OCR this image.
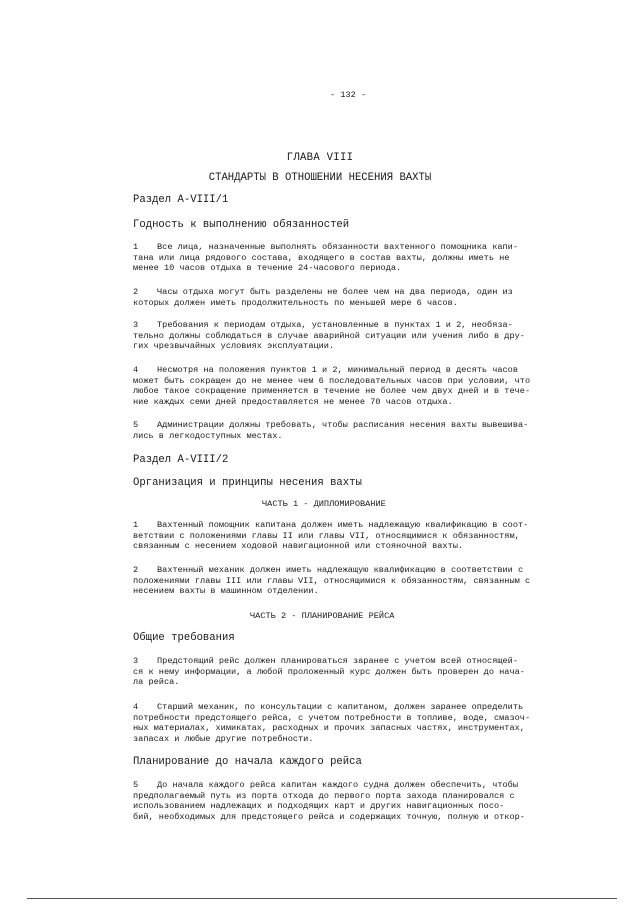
- 132 -
ГЛАВА VIII
СТАНДАРТЫ В ОТНОШЕНИИ НЕСЕНИЯ ВАХТЫ
Раздел A-VIII/1
Годность к выполнению обязанностей
1 Все лица, назначенные выполнять обязанности вахтенного помощника капи-
тана или лица рядового состава, входящего в состав вахты, должны иметь не
менее 10 часов отдыха в течение 24-часового периода.
2 Часы отдыха могут быть разделены не более чем на два периода, один из
которых должен иметь продолжительность по меньшей мере 6 часов.
3 Требования к периодам отдыха, установленные в пунктах 1 и 2, необяза-
тельно должны соблюдаться в случае аварийной ситуации или учения либо в дру-
гих чрезвычайных условиях эксплуатации.
4 Несмотря на положения пунктов 1 и 2, минимальный период в десять часов
может быть сокращен до не менее чем 6 последовательных часов при условии, что
любое такое сокращение применяется в течение не более чем двух дней и в тече-
ние каждых семи дней предоставляется не менее 70 часов отдыха.
5 Администрации должны требовать, чтобы расписания несения вахты вывешива-
лись в легкодоступных местах.
Раздел A-VIII/2
Организация и принципы несения вахты
ЧАСТЬ 1 - ДИПЛОМИРОВАНИЕ
1 Вахтенный помощник капитана должен иметь надлежащую квалификацию в соот-
ветствии с положениями главы II или главы VII, относящимися к обязанностям,
связанным с несением ходовой навигационной или стояночной вахты.
2 Вахтенный механик должен иметь надлежащую квалификацию в соответствии с
положениями главы III или главы VII, относящимися к обязанностям, связанным с
несением вахты в машинном отделении.
ЧАСТЬ 2 - ПЛАНИРОВАНИЕ РЕЙСА
Общие требования
3 Предстоящий рейс должен планироваться заранее с учетом всей относящей-
ся к нему информации, а любой проложенный курс должен быть проверен до нача-
ла рейса.
4 Старший механик, по консультации с капитаном, должен заранее определить
потребности предстоящего рейса, с учетом потребности в топливе, воде, смазоч-
ных материалах, химикатах, расходных и прочих запасных частях, инструментах,
запасах и любые другие потребности.
Планирование до начала каждого рейса
5 До начала каждого рейса капитан каждого судна должен обеспечить, чтобы
предполагаемый путь из порта отхода до первого порта захода планировался с
использованием надлежащих и подходящих карт и других навигационных посо-
бий, необходимых для предстоящего рейса и содержащих точную, полную и откор-
